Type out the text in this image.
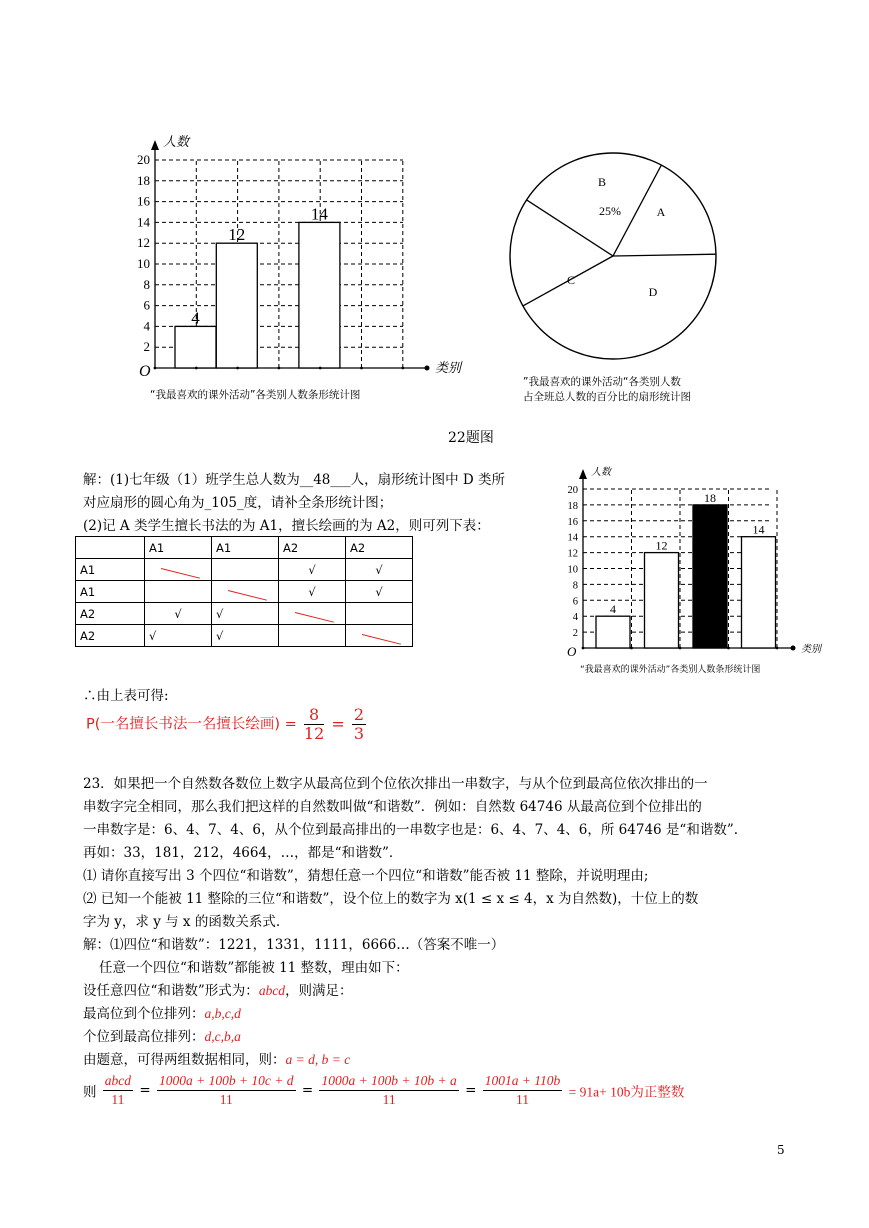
2
4
6
8
10
12
14
16
18
20
人数
类别
O
4
12
14
“我最喜欢的课外活动”各类别人数条形统计图
B
A
D
C
25%
”我最喜欢的课外活动“各类别人数
占全班总人数的百分比的扇形统计图
22题图
解：(1)七年级（1）班学生总人数为__48___人，扇形统计图中 D 类所
对应扇形的圆心角为_105_度，请补全条形统计图；
(2)记 A 类学生擅长书法的为 A1，擅长绘画的为 A2，则可列下表：
	A1	A1	A2	A2
A1			√	√
A1			√	√
A2	√	√	

A2	√	√			2
4
6
8
10
12
14
16
18
20
人数
类别
O
4
12
18
14
“我最喜欢的课外活动”各类别人数条形统计图
∴由上表可得:
P(一名擅长书法一名擅长绘画) = $\frac{8}{12} = \frac{2}{3}$
23．如果把一个自然数各数位上数字从最高位到个位依次排出一串数字，与从个位到最高位依次排出的一
串数字完全相同，那么我们把这样的自然数叫做“和谐数”．例如：自然数 64746 从最高位到个位排出的
一串数字是：6、4、7、4、6，从个位到最高排出的一串数字也是：6、4、7、4、6，所 64746 是“和谐数”.
再如：33，181，212，4664，…，都是“和谐数”．
⑴ 请你直接写出 3 个四位“和谐数”，猜想任意一个四位“和谐数”能否被 11 整除，并说明理由;
⑵ 已知一个能被 11 整除的三位“和谐数”，设个位上的数字为 x(1 ≤ x ≤ 4，x 为自然数)，十位上的数
字为 y，求 y 与 x 的函数关系式.
解：⑴四位“和谐数”：1221，1331，1111，6666…（答案不唯一）
任意一个四位“和谐数”都能被 11 整数，理由如下：
设任意四位“和谐数”形式为：abcd，则满足：
最高位到个位排列：a,b,c,d
个位到最高位排列：d,c,b,a
由题意，可得两组数据相同，则：a = d, b = c
则 $\frac{\text{abcd}}{11} = \frac{1000a + 100b + 10c + d}{11} = \frac{1000a + 100b + 10b + a}{11} = \frac{1001a + 110b}{11} = 91a+ 10b$为正整数
5
